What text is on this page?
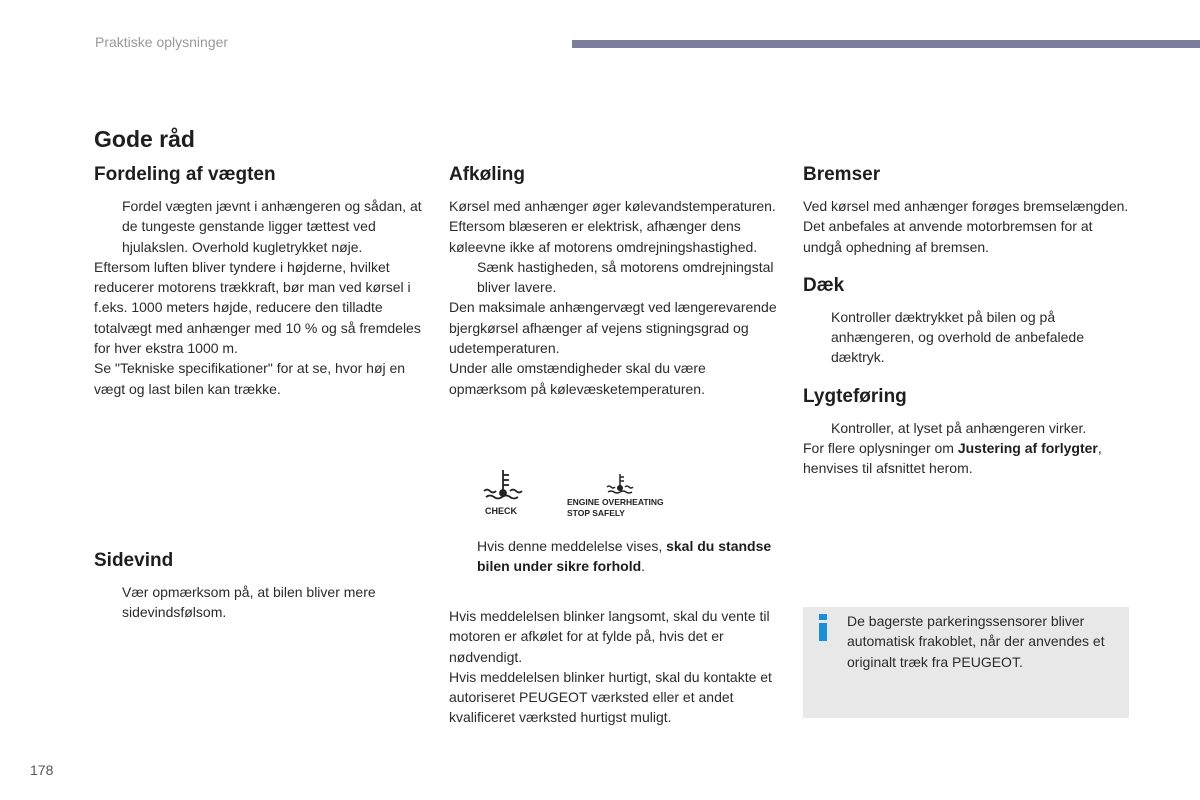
Praktiske oplysninger
Gode råd
Fordeling af vægten
Fordel vægten jævnt i anhængeren og sådan, at de tungeste genstande ligger tættest ved hjulakslen. Overhold kugletrykket nøje.

Eftersom luften bliver tyndere i højderne, hvilket reducerer motorens trækkraft, bør man ved kørsel i f.eks. 1000 meters højde, reducere den tilladte totalvægt med anhænger med 10 % og så fremdeles for hver ekstra 1000 m.

Se "Tekniske specifikationer" for at se, hvor høj en vægt og last bilen kan trække.

Sidevind
Vær opmærksom på, at bilen bliver mere sidevindsfølsom.
Afkøling

Kørsel med anhænger øger kølevandstemperaturen.

Eftersom blæseren er elektrisk, afhænger dens køleevne ikke af motorens omdrejningshastighed.

Sænk hastigheden, så motorens omdrejningstal bliver lavere.

Den maksimale anhængervægt ved længerevarende bjergkørsel afhænger af vejens stigningsgrad og udetemperaturen.

Under alle omstændigheder skal du være opmærksom på kølevæsketemperaturen.

CHECK
ENGINE OVERHEATING
STOP SAFELY
Hvis denne meddelelse vises, skal du standse bilen under sikre forhold.

Hvis meddelelsen blinker langsomt, skal du vente til motoren er afkølet for at fylde på, hvis det er nødvendigt.

Hvis meddelelsen blinker hurtigt, skal du kontakte et autoriseret PEUGEOT værksted eller et andet kvalificeret værksted hurtigst muligt.

Bremser

Ved kørsel med anhænger forøges bremselængden.

Det anbefales at anvende motorbremsen for at undgå ophedning af bremsen.

Dæk
Kontroller dæktrykket på bilen og på anhængeren, og overhold de anbefalede dæktryk.
Lygteføring
Kontroller, at lyset på anhængeren virker.

For flere oplysninger om Justering af forlygter, henvises til afsnittet herom.

De bagerste parkeringssensorer bliver automatisk frakoblet, når der anvendes et originalt træk fra PEUGEOT.
178
